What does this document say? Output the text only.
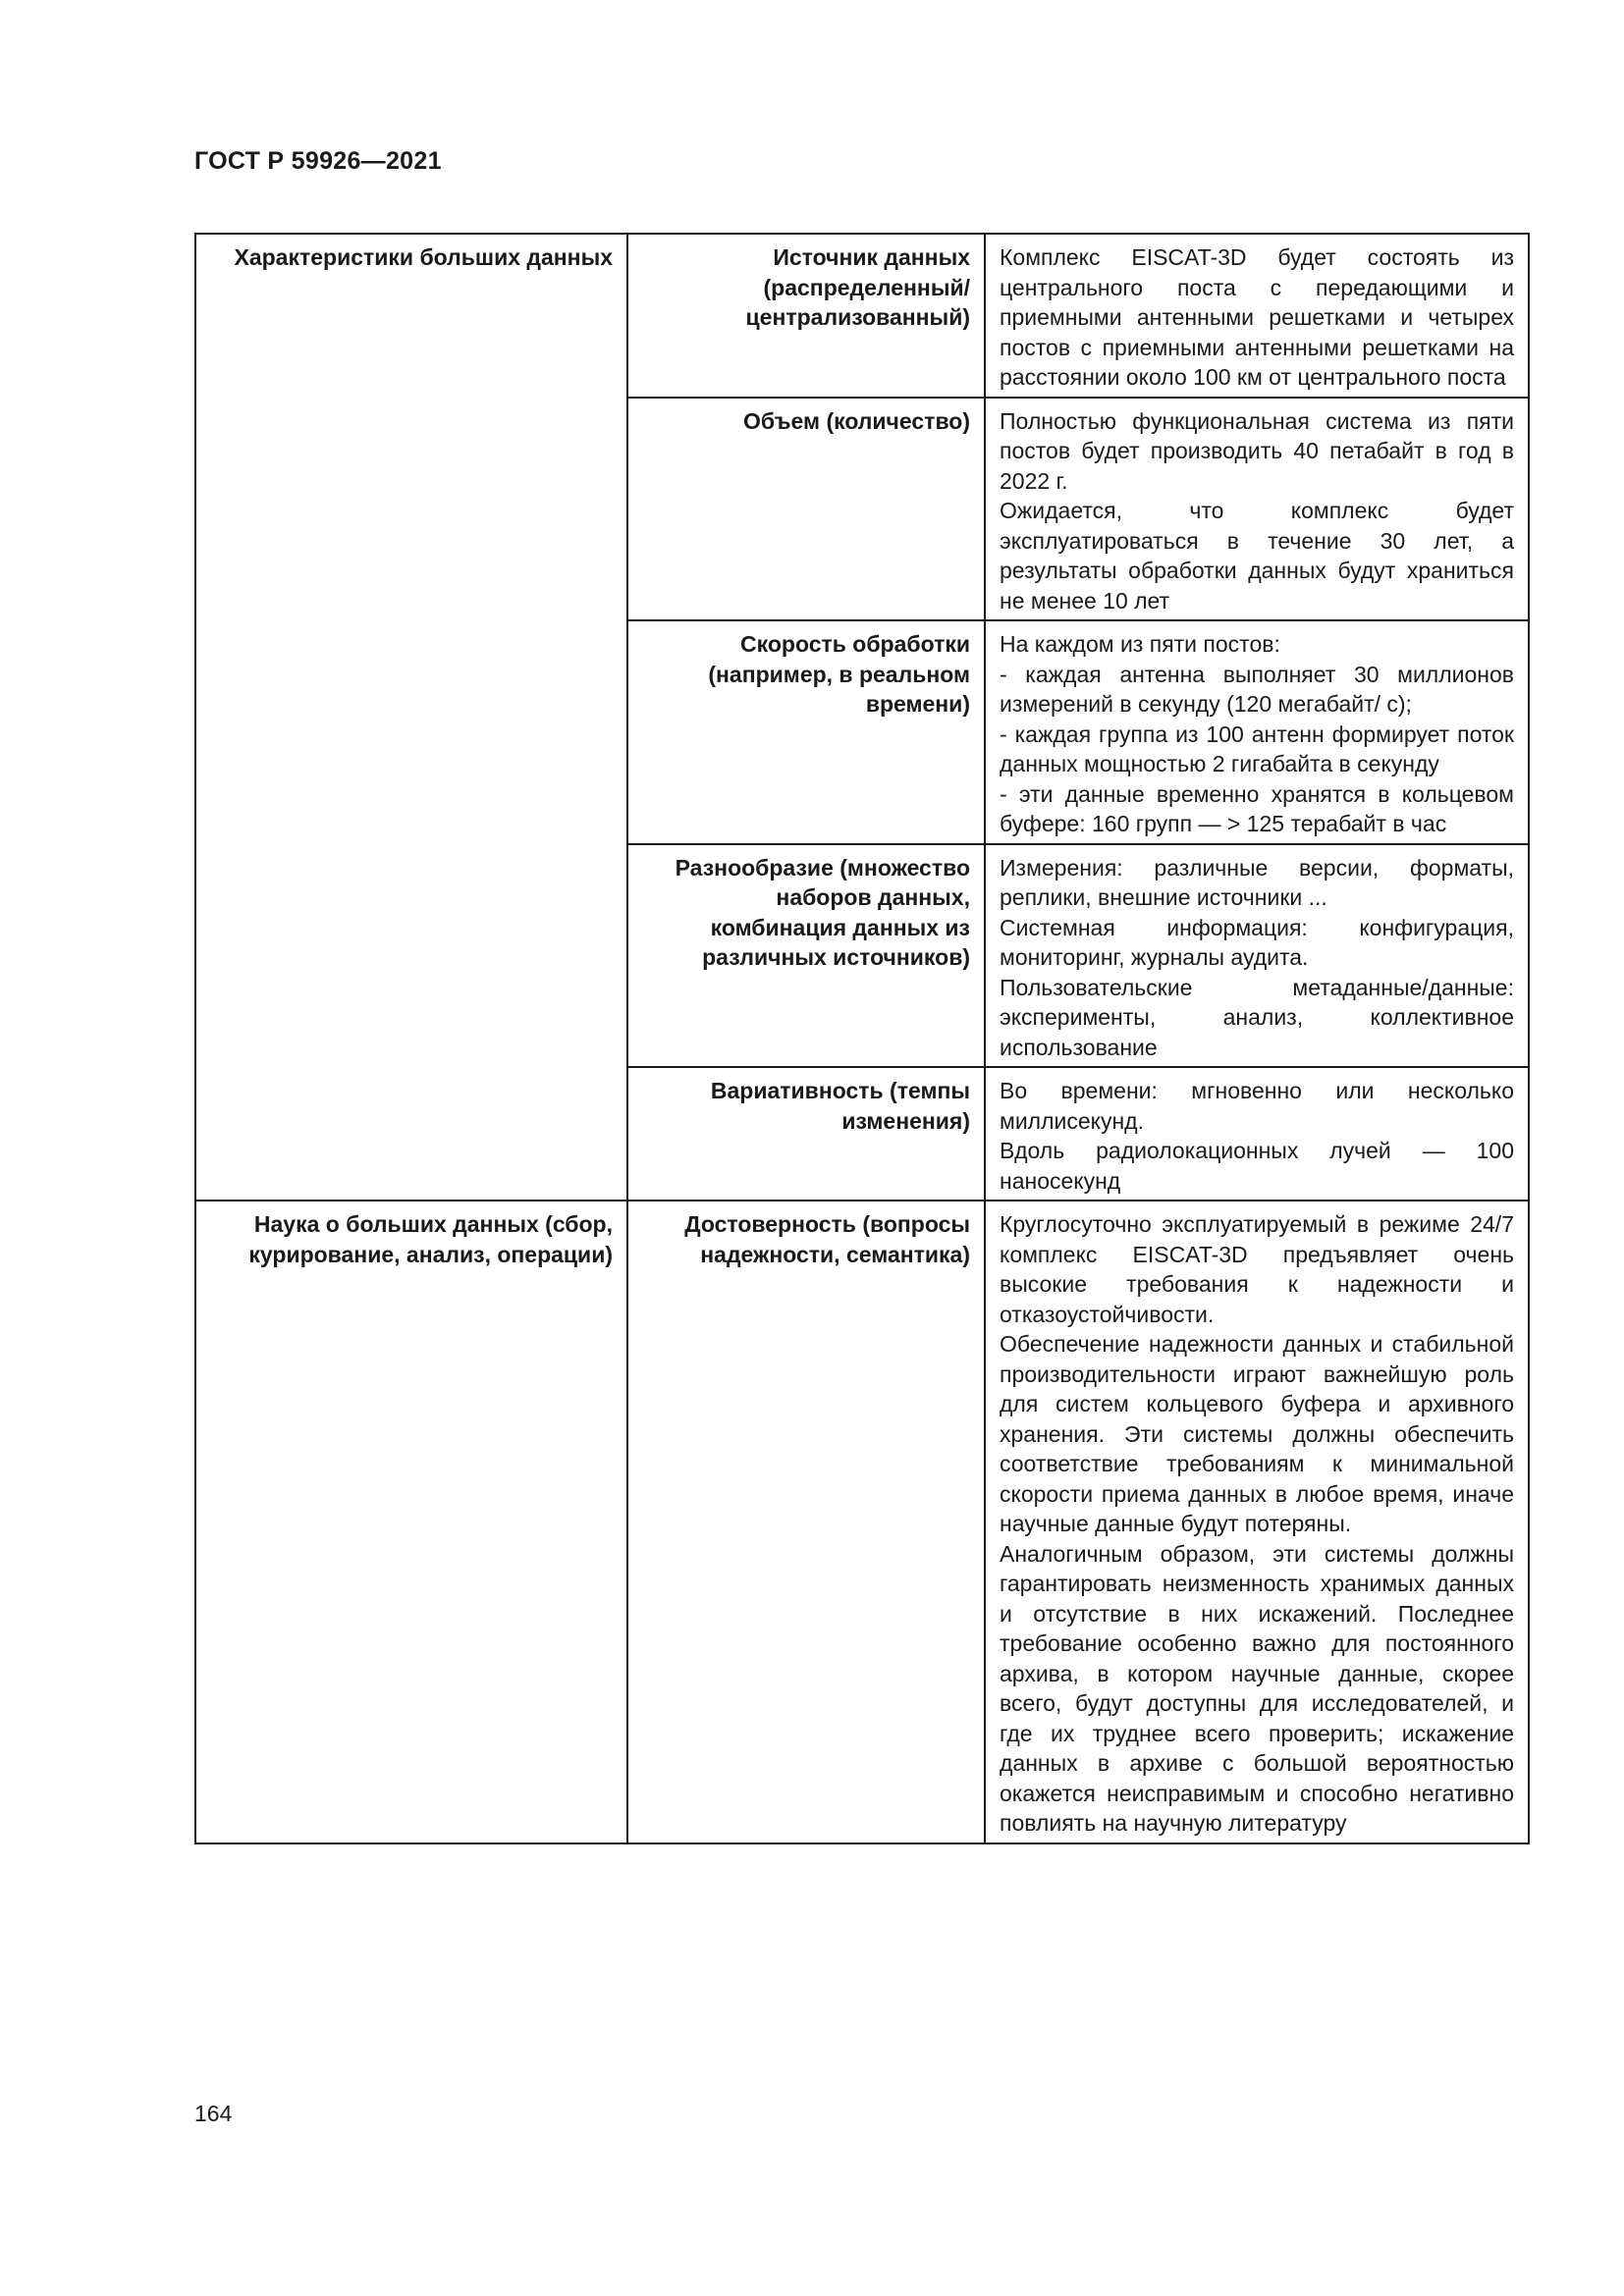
ГОСТ Р 59926—2021
Характеристики больших данных	Источник данных (распределенный/ централизованный)	Комплекс EISCAT-3D будет состоять из центрального поста с передающими и приемными антенными решетками и четырех постов с приемными антенными решетками на расстоянии около 100 км от центрального поста

	Объем (количество)	Полностью функциональная система из пяти постов будет производить 40 петабайт в год в 2022 г.
Ожидается, что комплекс будет эксплуатироваться в течение 30 лет, а результаты обработки данных будут храниться не менее 10 лет

	Скорость обработки (например, в реальном времени)	На каждом из пяти постов:
- каждая антенна выполняет 30 миллионов измерений в секунду (120 мегабайт/ с);
- каждая группа из 100 антенн формирует поток данных мощностью 2 гигабайта в секунду
- эти данные временно хранятся в кольцевом буфере: 160 групп — > 125 терабайт в час

	Разнообразие (множество наборов данных, комбинация данных из различных источников)	Измерения: различные версии, форматы, реплики, внешние источники ...
Системная информация: конфигурация, мониторинг, журналы аудита.
Пользовательские метаданные/данные: эксперименты, анализ, коллективное использование

	Вариативность (темпы изменения)	Во времени: мгновенно или несколько миллисекунд.
Вдоль радиолокационных лучей — 100 наносекунд

Наука о больших данных (сбор, курирование, анализ, операции)	Достоверность (вопросы надежности, семантика)	Круглосуточно эксплуатируемый в режиме 24/7 комплекс EISCAT-3D предъявляет очень высокие требования к надежности и отказоустойчивости.
Обеспечение надежности данных и стабильной производительности играют важнейшую роль для систем кольцевого буфера и архивного хранения. Эти системы должны обеспечить соответствие требованиям к минимальной скорости приема данных в любое время, иначе научные данные будут потеряны.
Аналогичным образом, эти системы должны гарантировать неизменность хранимых данных и отсутствие в них искажений. Последнее требование особенно важно для постоянного архива, в котором научные данные, скорее всего, будут доступны для исследователей, и где их труднее всего проверить; искажение данных в архиве с большой вероятностью окажется неисправимым и способно негативно повлиять на научную литературу
164
